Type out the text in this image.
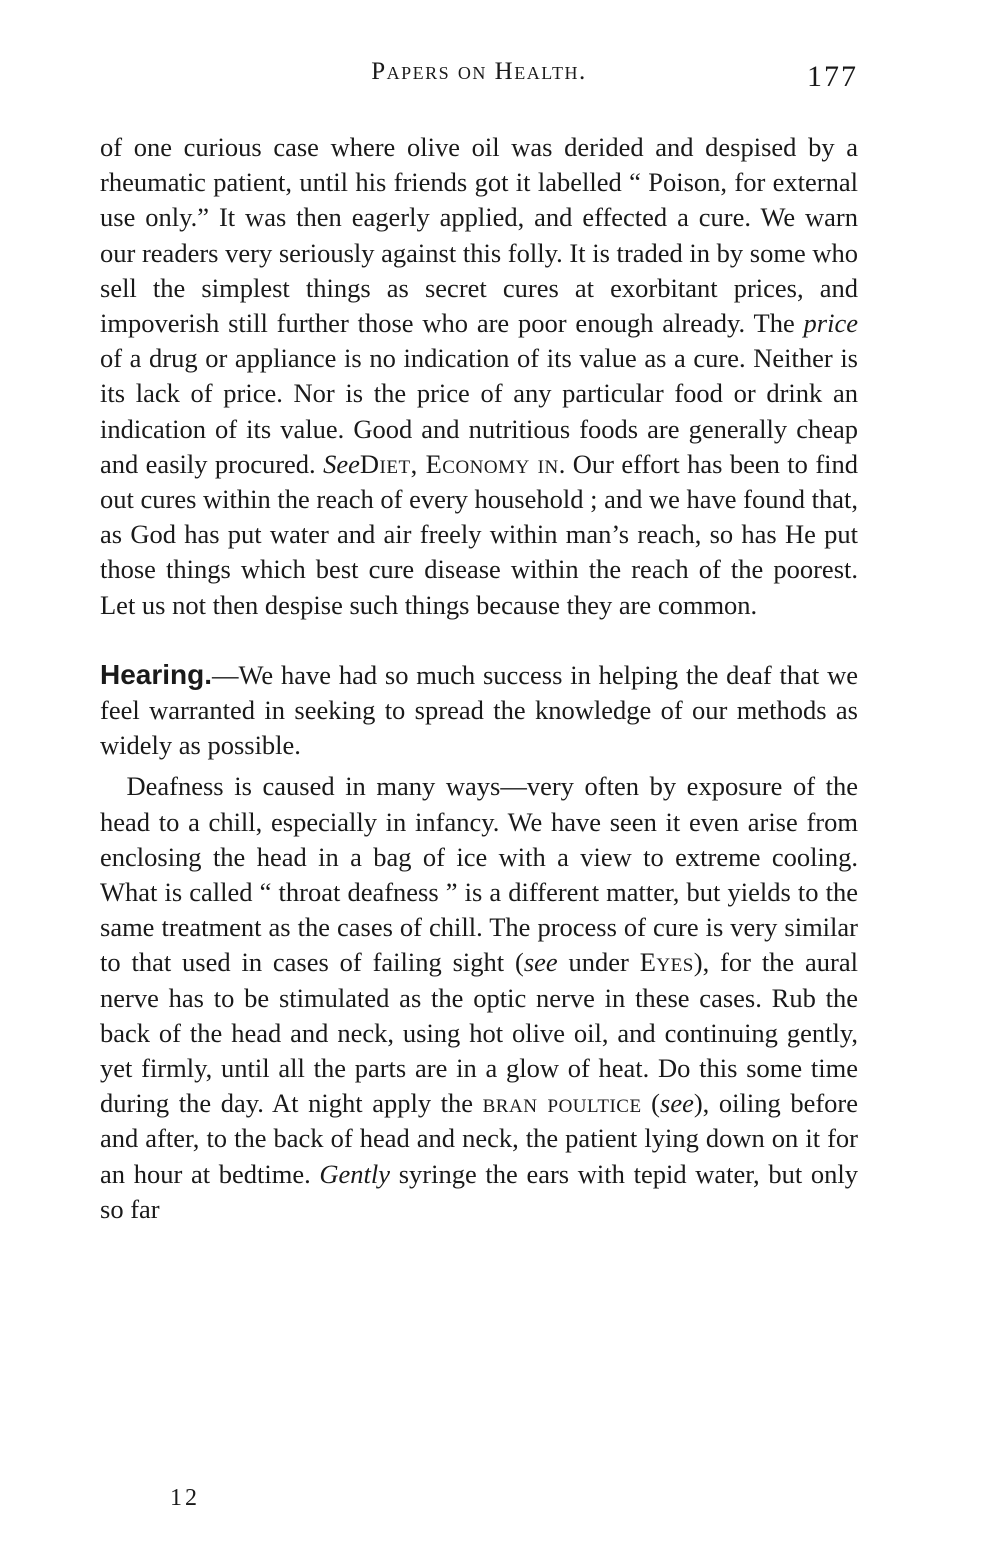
Papers on Health.	177

of one curious case where olive oil was derided and despised by a rheumatic patient, until his friends got it labelled “ Poison, for external use only.” It was then eagerly applied, and effected a cure. We warn our readers very seriously against this folly. It is traded in by some who sell the simplest things as secret cures at exorbitant prices, and impoverish still further those who are poor enough already. The price of a drug or appliance is no indication of its value as a cure. Neither is its lack of price. Nor is the price of any particular food or drink an indication of its value. Good and nutritious foods are generally cheap and easily procured. SeeDiet, Economy in. Our effort has been to find out cures within the reach of every household ; and we have found that, as God has put water and air freely within man’s reach, so has He put those things which best cure disease within the reach of the poorest. Let us not then despise such things because they are common.

Hearing.—We have had so much success in helping the deaf that we feel warranted in seeking to spread the knowledge of our methods as widely as possible.

Deafness is caused in many ways—very often by exposure of the head to a chill, especially in infancy. We have seen it even arise from enclosing the head in a bag of ice with a view to extreme cooling. What is called “ throat deafness ” is a different matter, but yields to the same treatment as the cases of chill. The process of cure is very similar to that used in cases of failing sight (see under Eyes), for the aural nerve has to be stimulated as the optic nerve in these cases. Rub the back of the head and neck, using hot olive oil, and continuing gently, yet firmly, until all the parts are in a glow of heat. Do this some time during the day. At night apply the bran poultice (see), oiling before and after, to the back of head and neck, the patient lying down on it for an hour at bedtime. Gently syringe the ears with tepid water, but only so far

12
